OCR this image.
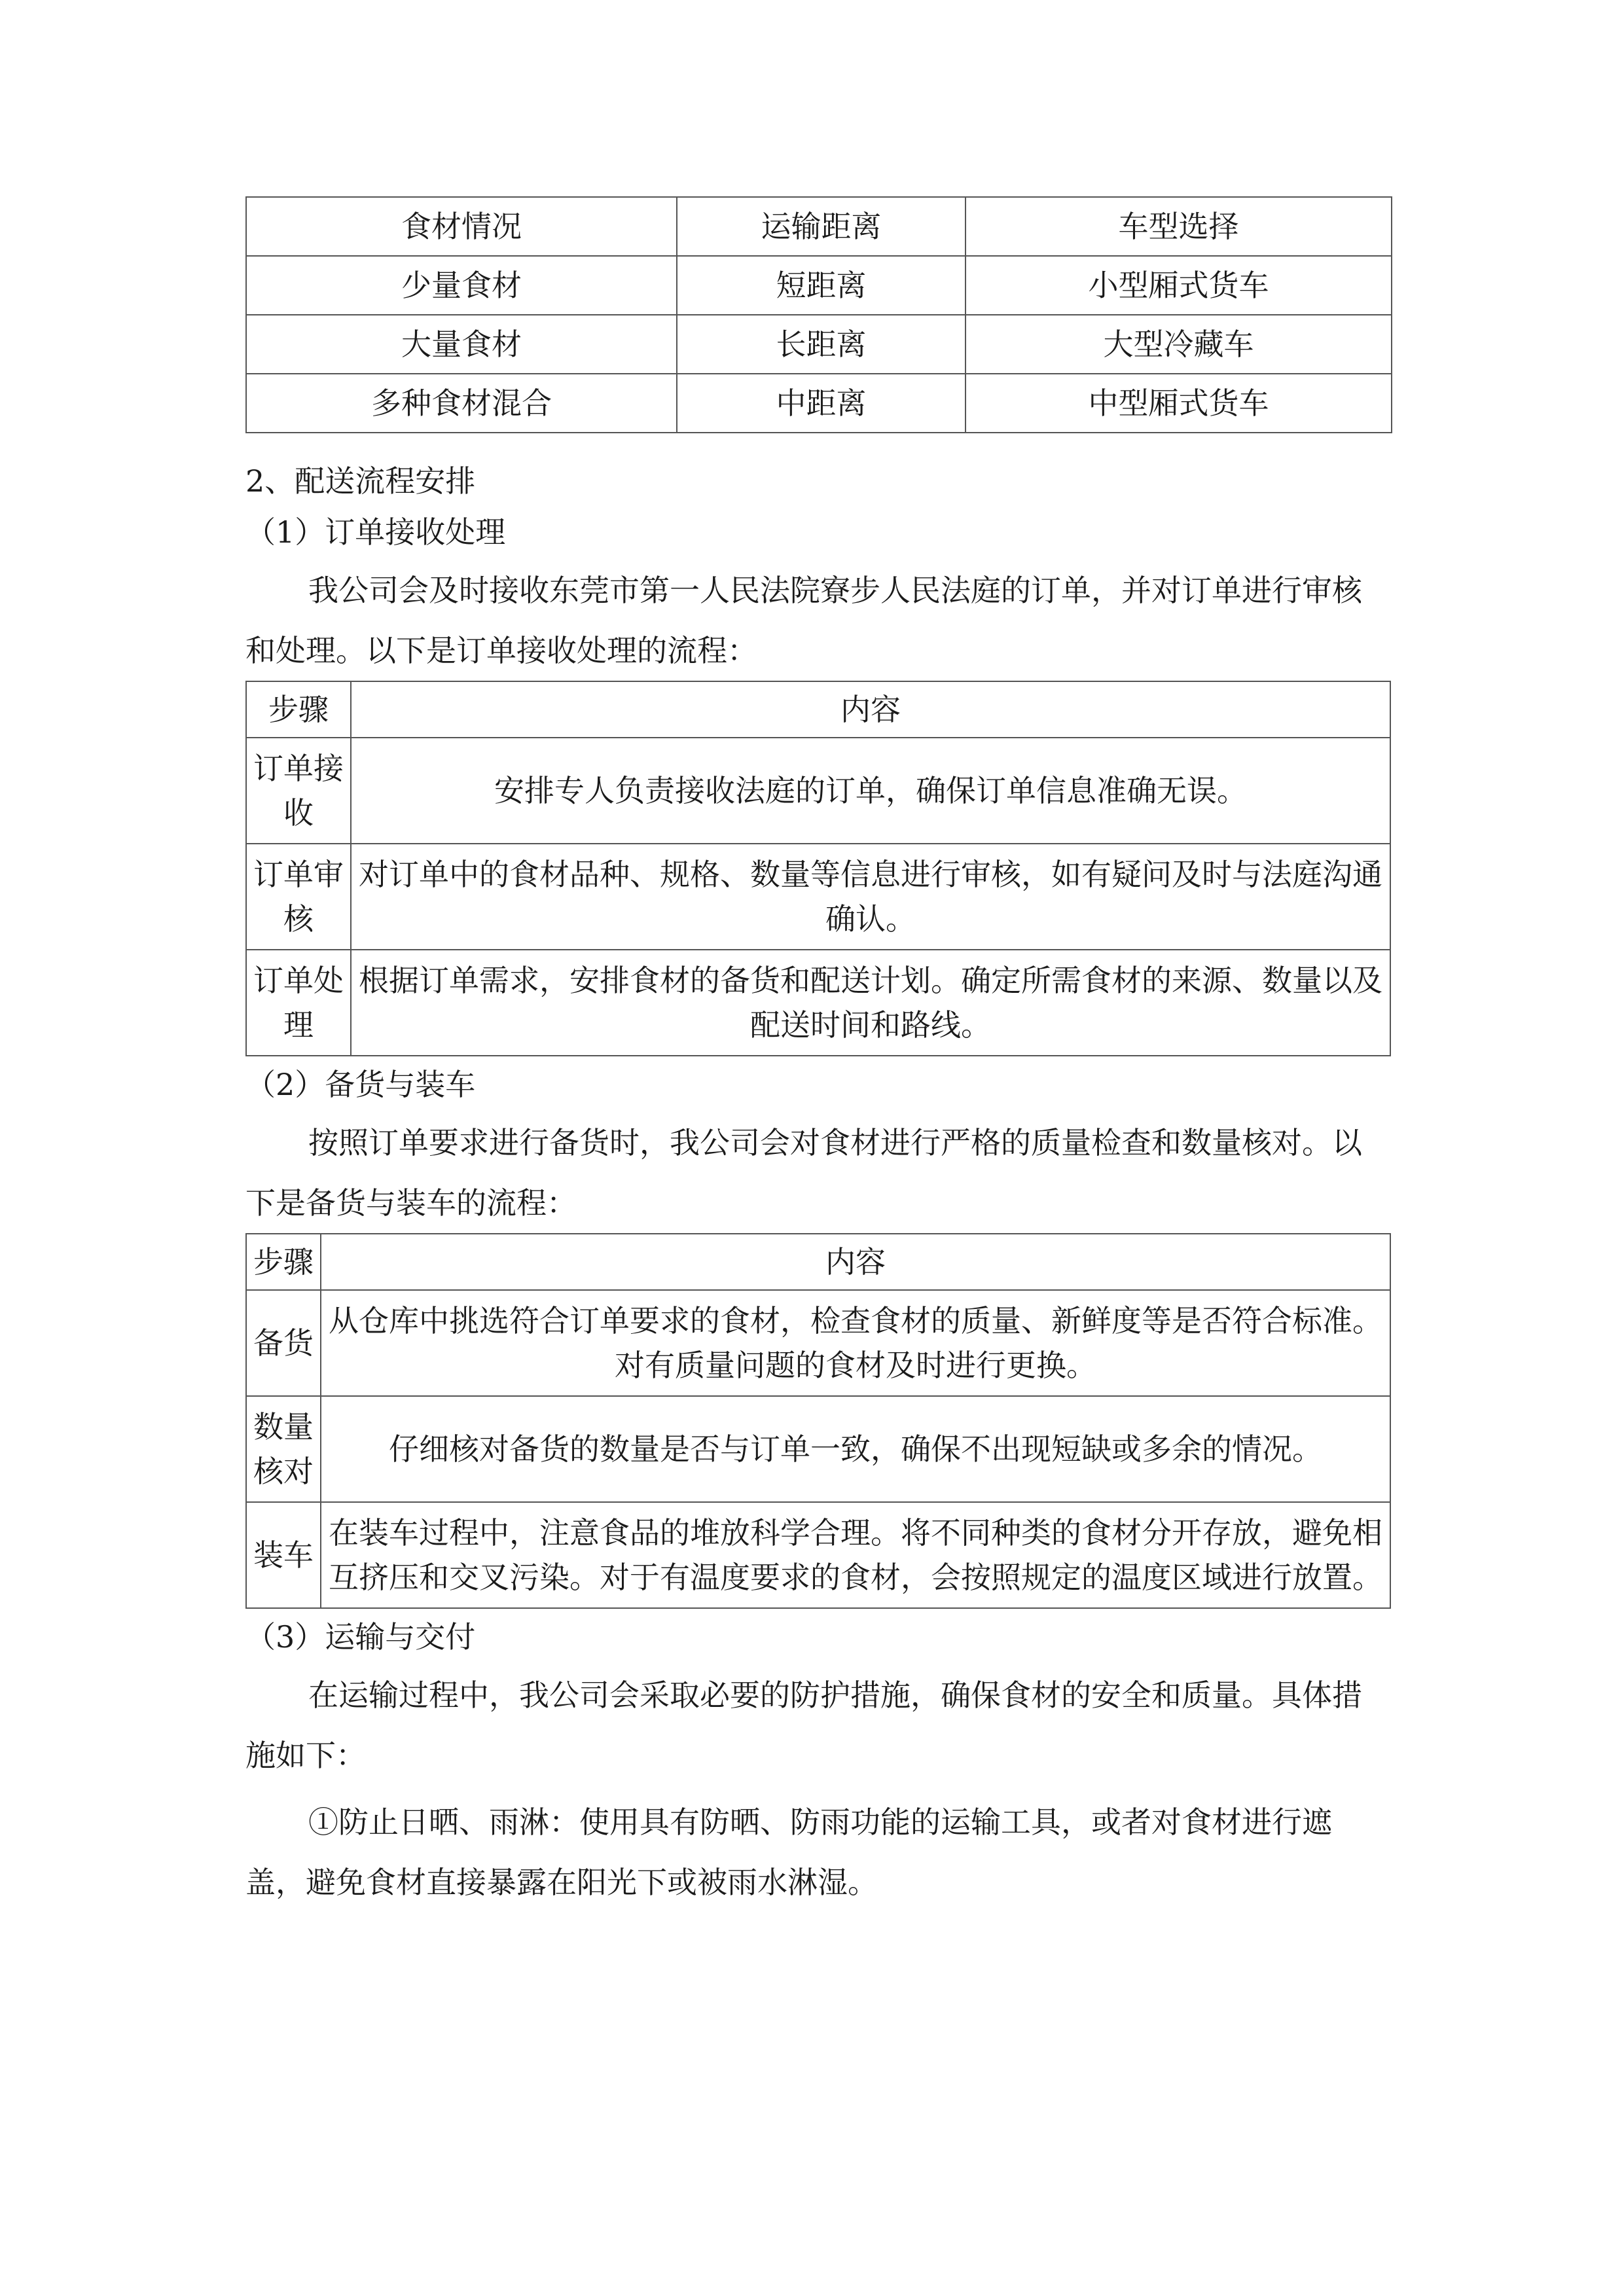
食材情况	运输距离	车型选择
少量食材	短距离	小型厢式货车
大量食材	长距离	大型冷藏车
多种食材混合	中距离	中型厢式货车

2、配送流程安排

（1）订单接收处理

我公司会及时接收东莞市第一人民法院寮步人民法庭的订单，并对订单进行审核和处理。以下是订单接收处理的流程：

步骤	内容
订单接收	安排专人负责接收法庭的订单，确保订单信息准确无误。
订单审核	对订单中的食材品种、规格、数量等信息进行审核，如有疑问及时与法庭沟通确认。
订单处理	根据订单需求，安排食材的备货和配送计划。确定所需食材的来源、数量以及配送时间和路线。

（2）备货与装车

按照订单要求进行备货时，我公司会对食材进行严格的质量检查和数量核对。以下是备货与装车的流程：

步骤	内容
备货	从仓库中挑选符合订单要求的食材，检查食材的质量、新鲜度等是否符合标准。对有质量问题的食材及时进行更换。
数量核对	仔细核对备货的数量是否与订单一致，确保不出现短缺或多余的情况。
装车	在装车过程中，注意食品的堆放科学合理。将不同种类的食材分开存放，避免相互挤压和交叉污染。对于有温度要求的食材，会按照规定的温度区域进行放置。

（3）运输与交付

在运输过程中，我公司会采取必要的防护措施，确保食材的安全和质量。具体措施如下：

①防止日晒、雨淋：使用具有防晒、防雨功能的运输工具，或者对食材进行遮盖，避免食材直接暴露在阳光下或被雨水淋湿。
